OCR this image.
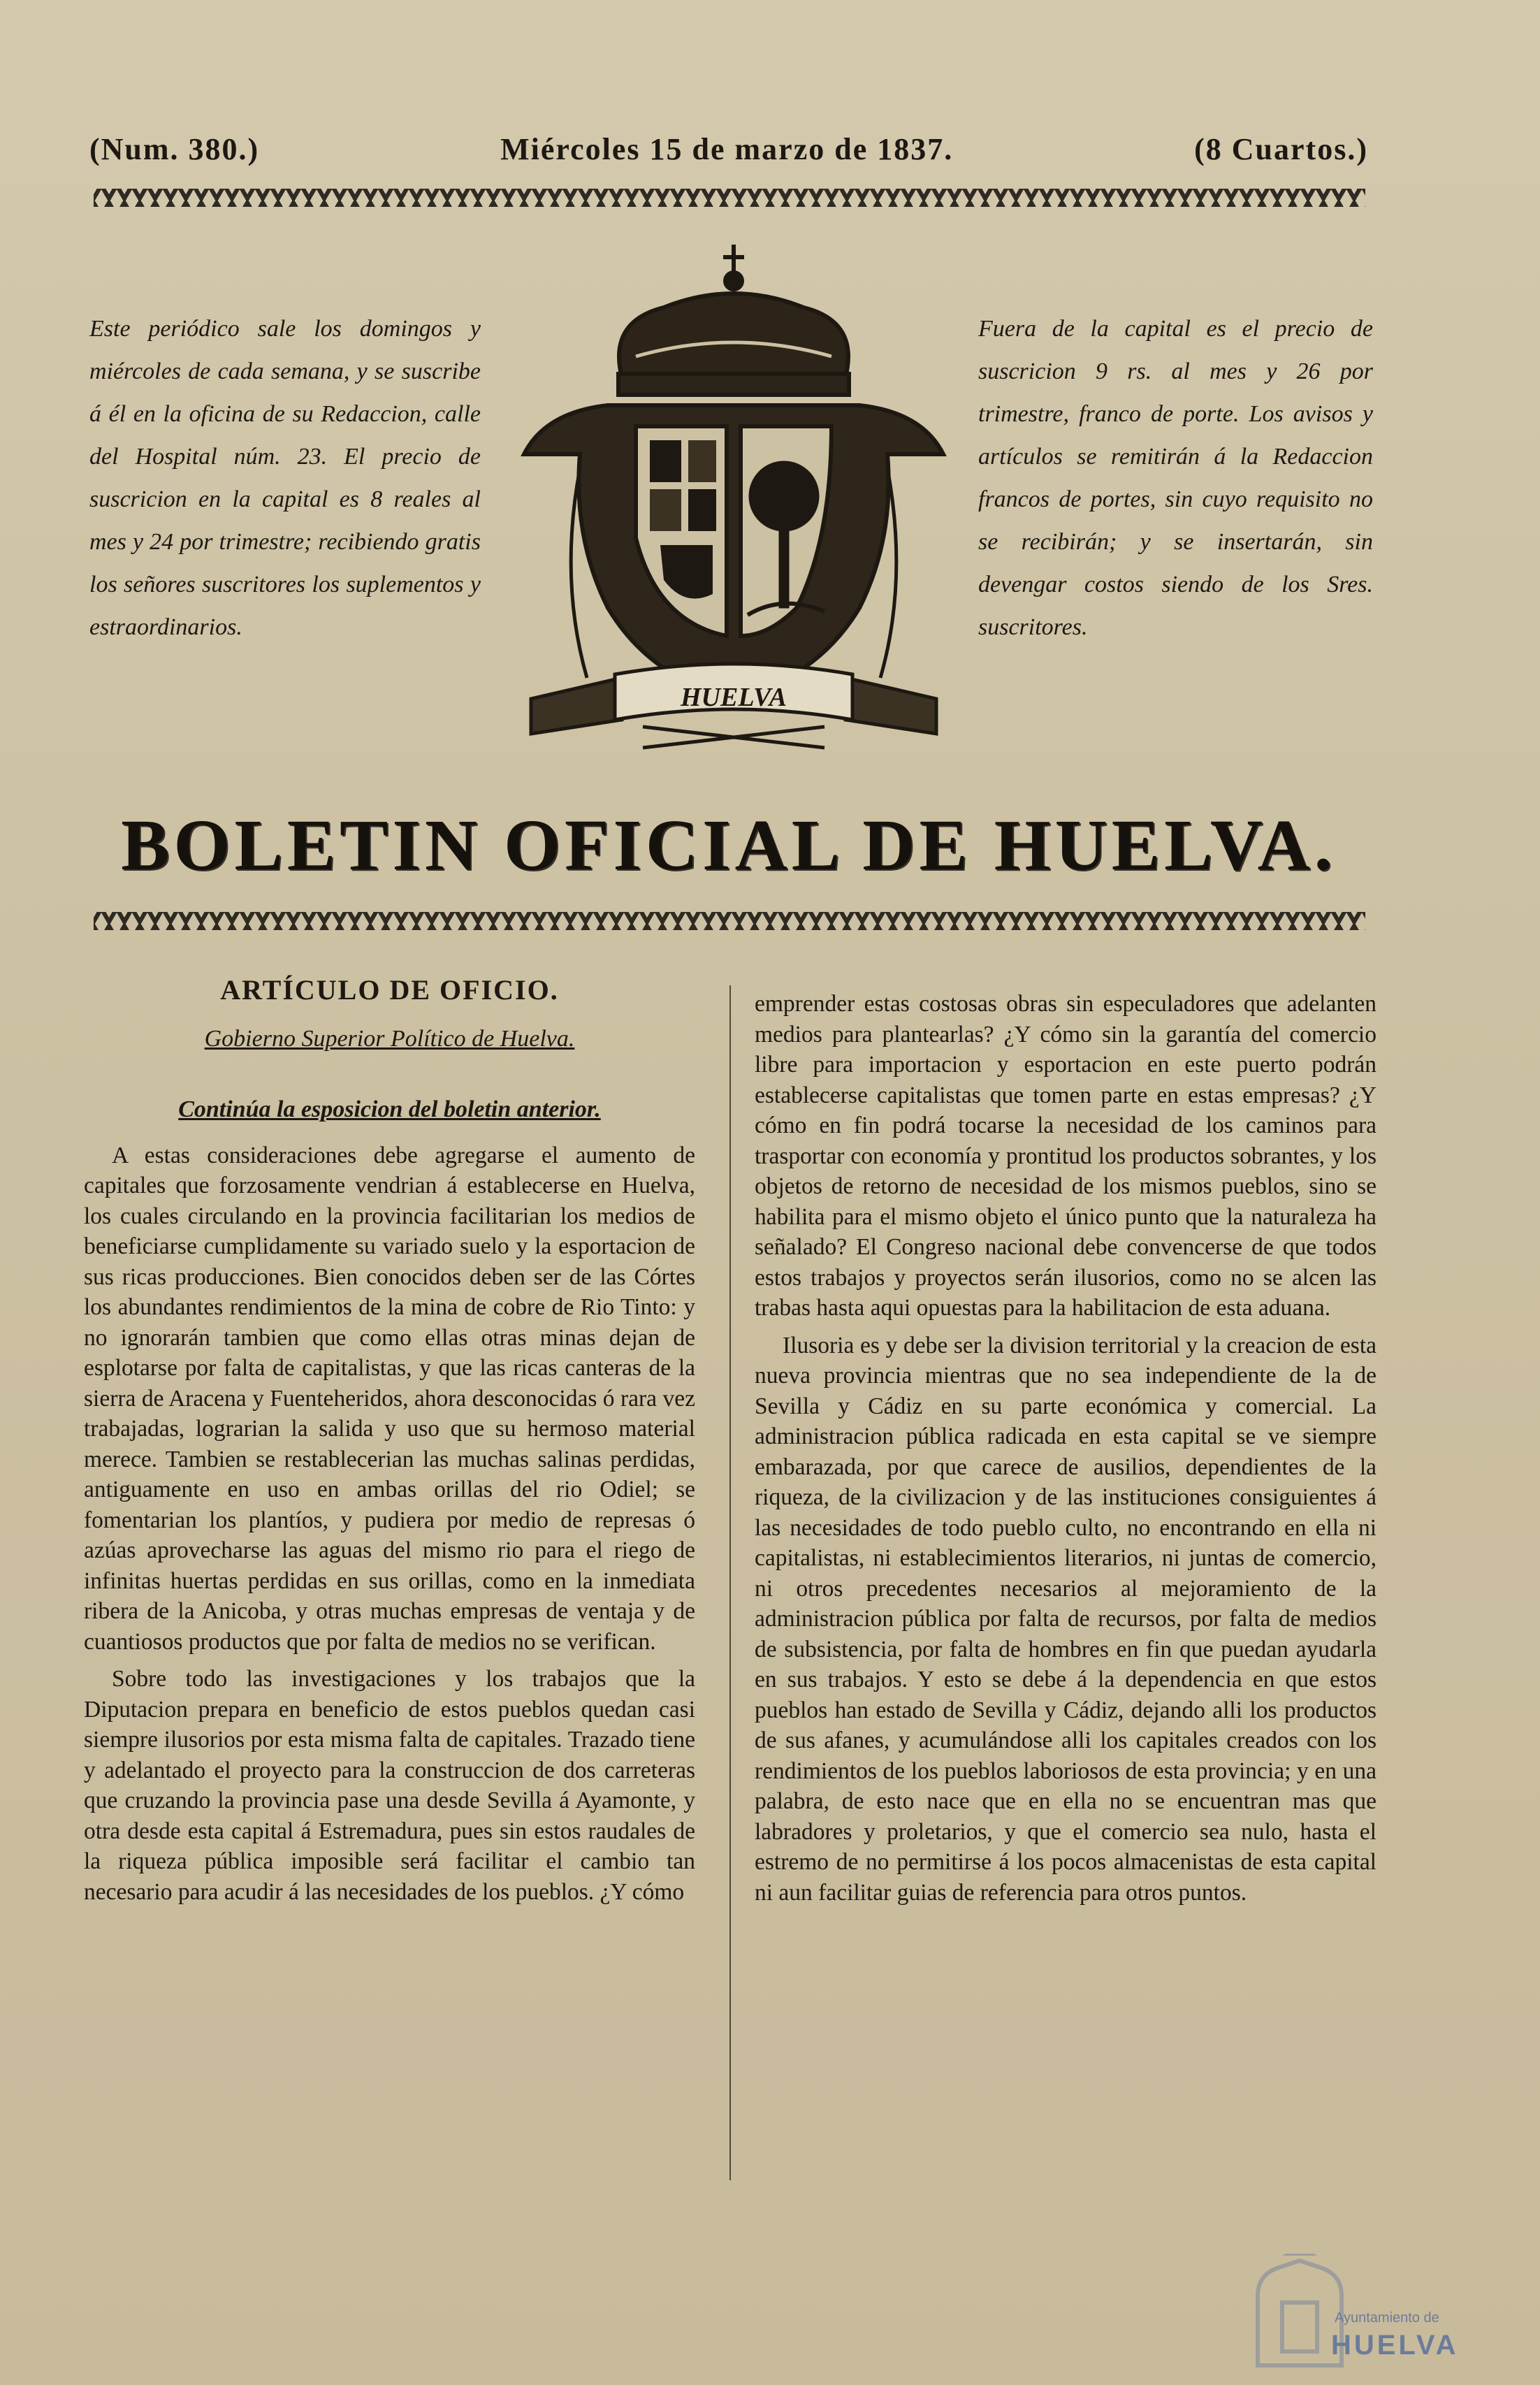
(Num. 380.)	Miércoles 15 de marzo de 1837.	(8 Cuartos.)
Este periódico sale los domingos y miércoles de cada semana, y se suscribe á él en la oficina de su Redaccion, calle del Hospital núm. 23. El precio de suscricion en la capital es 8 reales al mes y 24 por trimestre; recibiendo gratis los señores suscritores los suplementos y estraordinarios.
HUELVA
Fuera de la capital es el precio de suscricion 9 rs. al mes y 26 por trimestre, franco de porte. Los avisos y artículos se remitirán á la Redaccion francos de portes, sin cuyo requisito no se recibirán; y se insertarán, sin devengar costos siendo de los Sres. suscritores.
BOLETIN OFICIAL DE HUELVA.

ARTÍCULO DE OFICIO.

Gobierno Superior Político de Huelva.

Continúa la esposicion del boletin anterior.

A estas consideraciones debe agregarse el aumento de capitales que forzosamente vendrian á establecerse en Huelva, los cuales circulando en la provincia facilitarian los medios de beneficiarse cumplidamente su variado suelo y la esportacion de sus ricas producciones. Bien conocidos deben ser de las Córtes los abundantes rendimientos de la mina de cobre de Rio Tinto: y no ignorarán tambien que como ellas otras minas dejan de esplotarse por falta de capitalistas, y que las ricas canteras de la sierra de Aracena y Fuenteheridos, ahora desconocidas ó rara vez trabajadas, lograrian la salida y uso que su hermoso material merece. Tambien se restablecerian las muchas salinas perdidas, antiguamente en uso en ambas orillas del rio Odiel; se fomentarian los plantíos, y pudiera por medio de represas ó azúas aprovecharse las aguas del mismo rio para el riego de infinitas huertas perdidas en sus orillas, como en la inmediata ribera de la Anicoba, y otras muchas empresas de ventaja y de cuantiosos productos que por falta de medios no se verifican.

Sobre todo las investigaciones y los trabajos que la Diputacion prepara en beneficio de estos pueblos quedan casi siempre ilusorios por esta misma falta de capitales. Trazado tiene y adelantado el proyecto para la construccion de dos carreteras que cruzando la provincia pase una desde Sevilla á Ayamonte, y otra desde esta capital á Estremadura, pues sin estos raudales de la riqueza pública imposible será facilitar el cambio tan necesario para acudir á las necesidades de los pueblos. ¿Y cómo

emprender estas costosas obras sin especuladores que adelanten medios para plantearlas? ¿Y cómo sin la garantía del comercio libre para importacion y esportacion en este puerto podrán establecerse capitalistas que tomen parte en estas empresas? ¿Y cómo en fin podrá tocarse la necesidad de los caminos para trasportar con economía y prontitud los productos sobrantes, y los objetos de retorno de necesidad de los mismos pueblos, sino se habilita para el mismo objeto el único punto que la naturaleza ha señalado? El Congreso nacional debe convencerse de que todos estos trabajos y proyectos serán ilusorios, como no se alcen las trabas hasta aqui opuestas para la habilitacion de esta aduana.

Ilusoria es y debe ser la division territorial y la creacion de esta nueva provincia mientras que no sea independiente de la de Sevilla y Cádiz en su parte económica y comercial. La administracion pública radicada en esta capital se ve siempre embarazada, por que carece de ausilios, dependientes de la riqueza, de la civilizacion y de las instituciones consiguientes á las necesidades de todo pueblo culto, no encontrando en ella ni capitalistas, ni establecimientos literarios, ni juntas de comercio, ni otros precedentes necesarios al mejoramiento de la administracion pública por falta de recursos, por falta de medios de subsistencia, por falta de hombres en fin que puedan ayudarla en sus trabajos. Y esto se debe á la dependencia en que estos pueblos han estado de Sevilla y Cádiz, dejando alli los productos de sus afanes, y acumulándose alli los capitales creados con los rendimientos de los pueblos laboriosos de esta provincia; y en una palabra, de esto nace que en ella no se encuentran mas que labradores y proletarios, y que el comercio sea nulo, hasta el estremo de no permitirse á los pocos almacenistas de esta capital ni aun facilitar guias de referencia para otros puntos.

Ayuntamiento de
HUELVA
